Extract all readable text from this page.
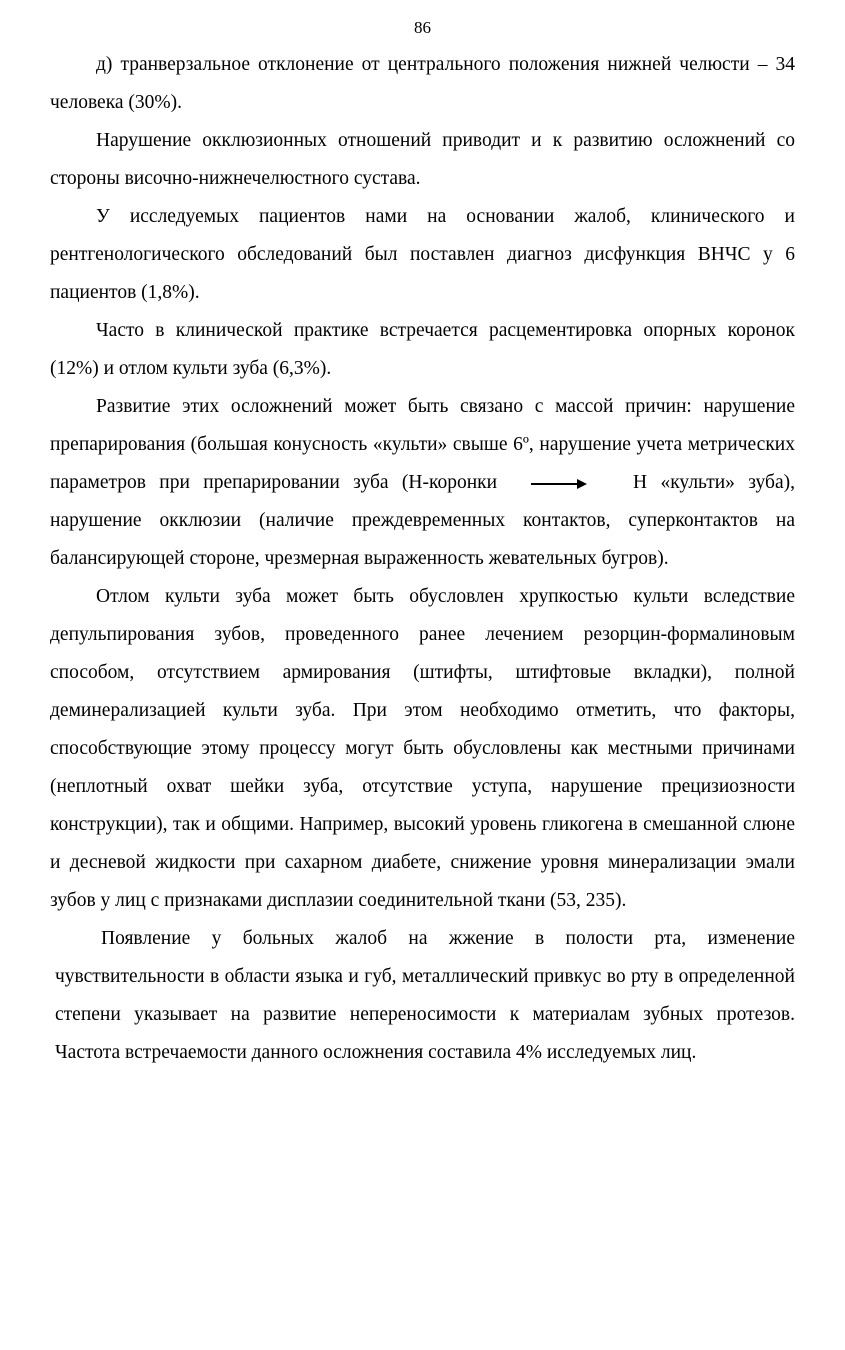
86

д) транверзальное отклонение от центрального положения нижней челюсти – 34 человека (30%).

Нарушение окклюзионных отношений приводит и к развитию осложнений со стороны височно-нижнечелюстного сустава.

У исследуемых пациентов нами на основании жалоб, клинического и рентгенологического обследований был поставлен диагноз дисфункция ВНЧС у 6 пациентов (1,8%).

Часто в клинической практике встречается расцементировка опорных коронок (12%) и отлом культи зуба (6,3%).

Развитие этих осложнений может быть связано с массой причин: нарушение препарирования (большая конусность «культи» свыше 6º, нарушение учета метрических параметров при препарировании зуба (Н-коронки	Н «культи» зуба), нарушение окклюзии (наличие преждевременных контактов, суперконтактов на балансирующей стороне, чрезмерная выраженность жевательных бугров).

Отлом культи зуба может быть обусловлен хрупкостью культи вследствие депульпирования зубов, проведенного ранее лечением резорцин-формалиновым способом, отсутствием армирования (штифты, штифтовые вкладки), полной деминерализацией культи зуба. При этом необходимо отметить, что факторы, способствующие этому процессу могут быть обусловлены как местными причинами (неплотный охват шейки зуба, отсутствие уступа, нарушение прецизиозности конструкции), так и общими. Например, высокий уровень гликогена в смешанной слюне и десневой жидкости при сахарном диабете, снижение уровня минерализации эмали зубов у лиц с признаками дисплазии соединительной ткани (53, 235).

Появление у больных жалоб на жжение в полости рта, изменение чувствительности в области языка и губ, металлический привкус во рту в определенной степени указывает на развитие непереносимости к материалам зубных протезов. Частота встречаемости данного осложнения составила 4% исследуемых лиц.
